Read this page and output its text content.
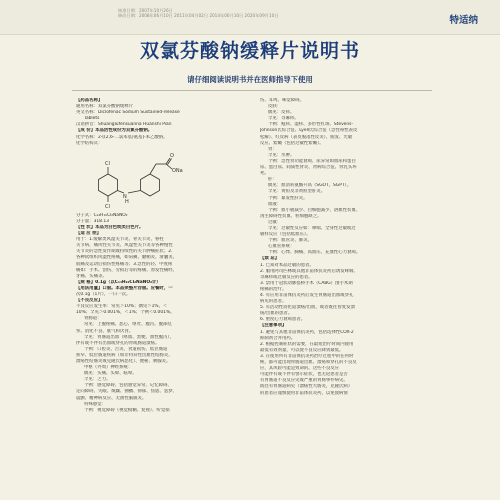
核准日期：2007年10月26日
修改日期：2008年06月10日 2011年04月02日 2014年06月10日 2020年09月10日	特适纳
双氯芬酸钠缓释片说明书
请仔细阅读说明书并在医师指导下使用
【药品名称】
通用名称：双氯芬酸钠缓释片
英文名称：Diclofenac Sodium Sustained-release
Tablets
汉语拼音：Shuanglufensuanna Huanshi Pian
【成 份】本品活性成份为双氯芬酸钠。
化学名称：2-[(2,6-二氯苯基)氨基]-苯乙酸钠。
化学结构式：
Cl
Cl
N
H
O
ONa
分子式：C₁₄H₁₀Cl₂NaNO₂
分子量：318.13
【性 状】本品为白色或类白色片。
【适 应 症】
用于：1.缓解类风湿关节炎、骨关节炎、脊柱
关节病、痛风性关节炎、风湿性关节炎等各种慢性
关节炎的急性发作期或持续性的关节肿痛症状；2.
各种软组织风湿性疼痛，如肩痛、腱鞘炎、滑囊炎、
肌痛及运动后损伤性疼痛等；3.急性的轻、中度疼
痛如：手术、创伤、劳损后等的疼痛、原发性痛经、
牙痛、头痛等。
【规 格】0.1g（以C₁₄H₁₀Cl₂NaNO₂计）
【用法用量】口服。本品须整片吞服。应餐时，一
次0.1g（1片），一日一次。
【不良反应】
不良反应发生率：常见＞10%；偶见＞1%，＜
10%；罕见＞0.001%，＜1%；个例＜0.001%。
胃肠道：
常见：上腹疼痛、恶心、呕吐、腹泻、腹部痉
挛、消化不良、胀气和厌食。
罕见：胃肠道出血（呕血、黑便、血性腹泻），
伴有或不伴有出血或穿孔的胃或肠道溃疡。
个例：口腔炎、舌炎、食道损伤、低位肠道
狭窄、低位肠道疾病（如非特异性出血性结肠炎、
溃疡性结肠炎或克隆氏病恶化）、便秘、胰腺炎。
中枢（外周）神经系统：
偶见：头痛、头晕、眩晕。
罕见：乏力。
个例：感觉障碍、包括感觉异常、记忆障碍、
定向障碍、失眠、烦躁、抽搐、抑郁、焦虑、恶梦、
震颤、精神病反应、无菌性脑膜炎。
特殊感觉：
个例：视觉障碍（视觉模糊、复视）、听觉损
伤、耳鸣、味觉障碍。
皮肤：
偶见：皮疹。
罕见：荨麻疹。
个例：疱疹、湿疹、多形性红斑、Stevens-
Johnson氏综合征、Lyell氏综合征（急性毒性表皮
松解）、红皮病（表皮脱落性皮炎）、脱发、光敏
反应、紫癜（包括过敏性紫癜）。
肾：
罕见：水肿。
个例：急性肾功能衰竭、尿异常如血尿和蛋白
尿、蛋白尿、间质性肾炎、肾病综合征、肾乳头坏
死。
肝：
偶见：血清转氨酶升高（SGOT、SGPT）。
罕见：黄疸及非黄疸型肝炎。
个例：暴发性肝炎。
血液：
个例：血小板减少、白细胞减少、溶血性贫血、
再生障碍性贫血、粒细胞缺乏。
过敏：
罕见：过敏性反应如：哮喘、全身性过敏或过
敏样反应（包括低血压）。
个例：血管炎、肺炎。
心血管系统：
个例：心悸、胸痛、高血压、充血性心力衰竭。
【禁 忌】
1. 已知对本品过敏的患者。
2. 服用阿司匹林或其他非甾体抗炎药后诱发哮喘、
荨麻疹或过敏反应的患者。
3. 禁用于冠状动脉搭桥手术（CABG）围手术期
疼痛的治疗。
4. 有应用非甾体抗炎药后发生胃肠道出血或穿孔
病史的患者。
5. 有活动性消化道溃疡/出血，或者既往曾复发溃
疡/出血的患者。
6. 重度心力衰竭患者。
【注意事项】
1. 避免与其他非甾体抗炎药，包括选择性COX-2
抑制剂合并用药。
2. 根据控制症状的需要，在最短治疗时间内使用
最低有效剂量，可以使不良反应降到最低。
3. 在使用所有非甾体抗炎药治疗过程中的任何时
候，都可能出现胃肠道出血、溃疡和穿孔的不良反
应，其风险可能是致命的。这些不良反应
可能伴有或不伴有警示症状，也无论患者是否
有胃肠道不良反应史或严重的胃肠事件病史。
既往有胃肠道病史（溃疡性大肠炎，克隆氏病）
的患者应谨慎使用非甾体抗炎药，以免使病情
